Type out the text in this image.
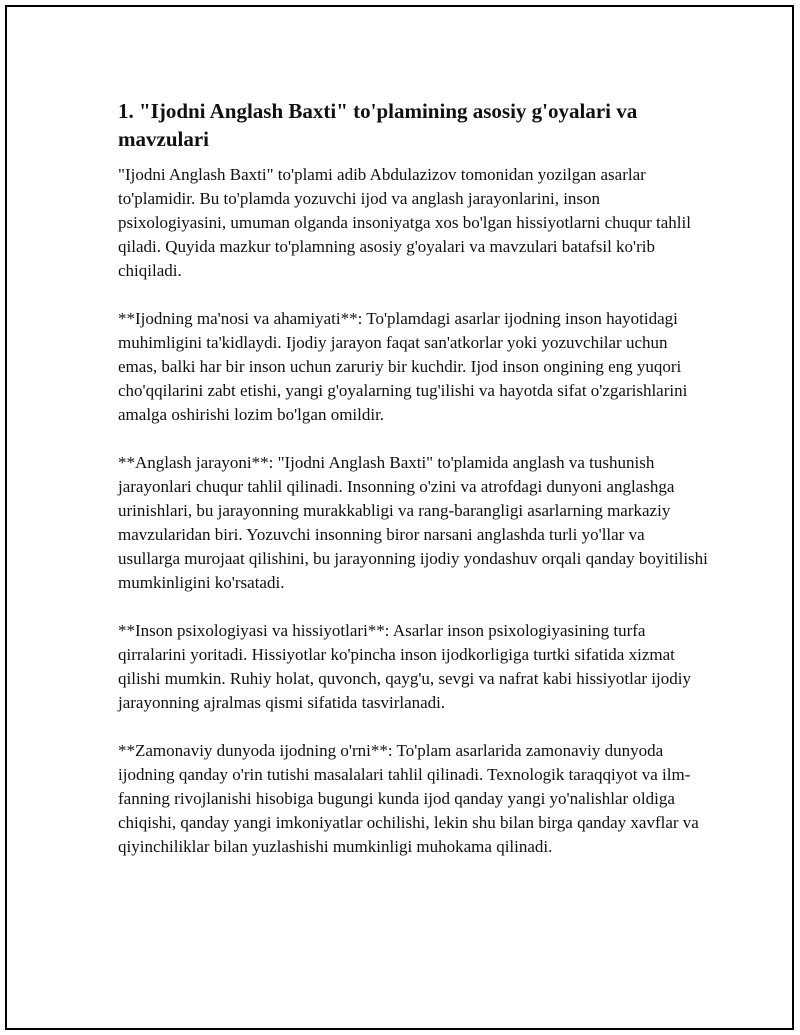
1. "Ijodni Anglash Baxti" to'plamining asosiy g'oyalari va mavzulari

"Ijodni Anglash Baxti" to'plami adib Abdulazizov tomonidan yozilgan asarlar to'plamidir. Bu to'plamda yozuvchi ijod va anglash jarayonlarini, inson psixologiyasini, umuman olganda insoniyatga xos bo'lgan hissiyotlarni chuqur tahlil qiladi. Quyida mazkur to'plamning asosiy g'oyalari va mavzulari batafsil ko'rib chiqiladi.

**Ijodning ma'nosi va ahamiyati**: To'plamdagi asarlar ijodning inson hayotidagi muhimligini ta'kidlaydi. Ijodiy jarayon faqat san'atkorlar yoki yozuvchilar uchun emas, balki har bir inson uchun zaruriy bir kuchdir. Ijod inson ongining eng yuqori cho'qqilarini zabt etishi, yangi g'oyalarning tug'ilishi va hayotda sifat o'zgarishlarini amalga oshirishi lozim bo'lgan omildir.

**Anglash jarayoni**: "Ijodni Anglash Baxti" to'plamida anglash va tushunish jarayonlari chuqur tahlil qilinadi. Insonning o'zini va atrofdagi dunyoni anglashga urinishlari, bu jarayonning murakkabligi va rang-barangligi asarlarning markaziy mavzularidan biri. Yozuvchi insonning biror narsani anglashda turli yo'llar va usullarga murojaat qilishini, bu jarayonning ijodiy yondashuv orqali qanday boyitilishi mumkinligini ko'rsatadi.

**Inson psixologiyasi va hissiyotlari**: Asarlar inson psixologiyasining turfa qirralarini yoritadi. Hissiyotlar ko'pincha inson ijodkorligiga turtki sifatida xizmat qilishi mumkin. Ruhiy holat, quvonch, qayg'u, sevgi va nafrat kabi hissiyotlar ijodiy jarayonning ajralmas qismi sifatida tasvirlanadi.

**Zamonaviy dunyoda ijodning o'rni**: To'plam asarlarida zamonaviy dunyoda ijodning qanday o'rin tutishi masalalari tahlil qilinadi. Texnologik taraqqiyot va ilm-fanning rivojlanishi hisobiga bugungi kunda ijod qanday yangi yo'nalishlar oldiga chiqishi, qanday yangi imkoniyatlar ochilishi, lekin shu bilan birga qanday xavflar va qiyinchiliklar bilan yuzlashishi mumkinligi muhokama qilinadi.
